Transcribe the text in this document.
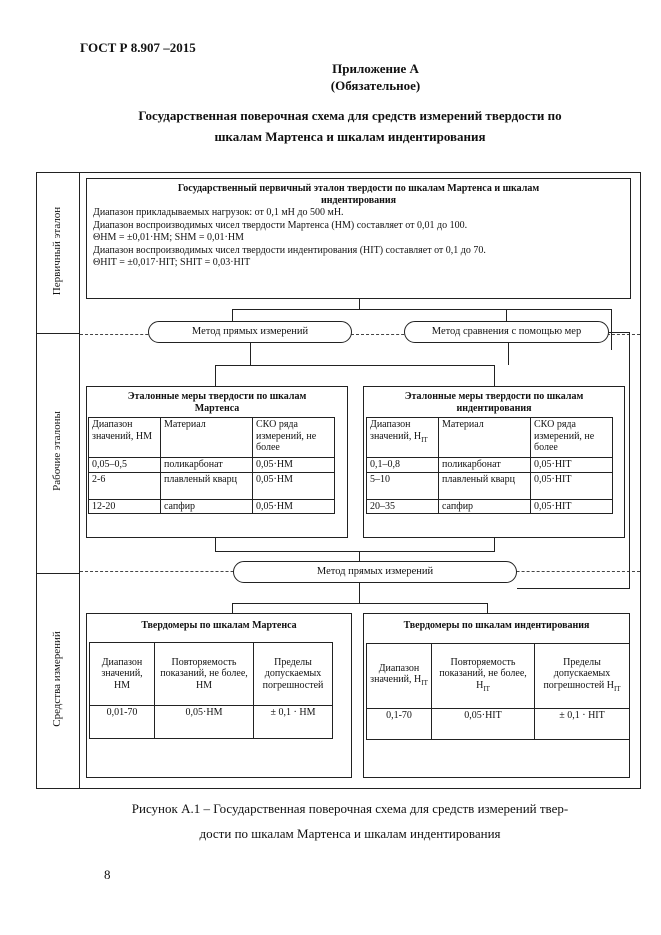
ГОСТ Р 8.907 –2015
Приложение А
(Обязательное)
Государственная поверочная схема для средств измерений твердости по
шкалам Мартенса и шкалам индентирования
Первичный эталон
Рабочие эталоны
Средства измерений
Государственный первичный эталон твердости по шкалам Мартенса и шкалам
индентирования
Диапазон прикладываемых нагрузок: от 0,1 мН до 500 мН.
Диапазон воспроизводимых чисел твердости Мартенса (НМ) составляет от 0,01 до 100.
ΘНМ = ±0,01·НМ; SНМ = 0,01·НМ
Диапазон воспроизводимых чисел твердости индентирования (HIT) составляет от 0,1 до 70.
ΘHIT = ±0,017·HIT; SHIT = 0,03·HIT
Метод прямых измерений	Метод сравнения с помощью мер
Эталонные меры твердости по шкалам
Мартенса
Диапазон значений, НМ	Материал	СКО ряда измерений, не более
0,05–0,5	поликарбонат	0,05·НМ
2-6	плавленый кварц	0,05·НМ
12-20	сапфир	0,05·НМ
Эталонные меры твердости по шкалам
индентирования
Диапазон значений, $H_{IT}$	Материал	СКО ряда измерений, не более
0,1–0,8	поликарбонат	0,05·HIT
5–10	плавленый кварц	0,05·HIT
20–35	сапфир	0,05·HIT
Метод прямых измерений
Твердомеры по шкалам Мартенса
Диапазон значений, НМ	Повторяемость показаний, не более, НМ	Пределы допускаемых погрешностей
0,01-70	0,05·НМ	± 0,1 · НМ
Твердомеры по шкалам индентирования
Диапазон значений, $H_{IT}$	Повторяемость показаний, не более, $H_{IT}$	Пределы допускаемых погрешностей $H_{IT}$
0,1-70	0,05·HIT	± 0,1 · HIT
Рисунок А.1 – Государственная поверочная схема для средств измерений твер-
дости по шкалам Мартенса и шкалам индентирования
8
